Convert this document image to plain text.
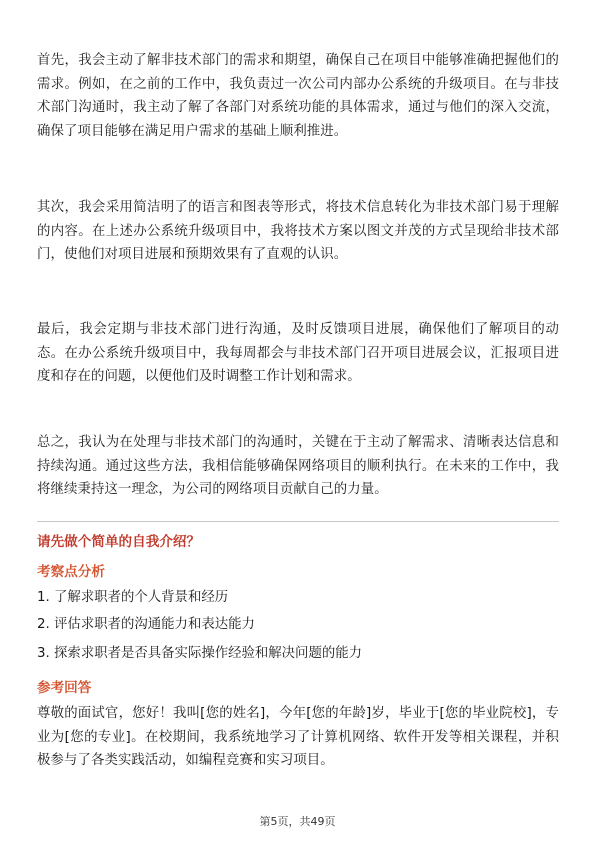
首先，我会主动了解非技术部门的需求和期望，确保自己在项目中能够准确把握他们的需求。例如，在之前的工作中，我负责过一次公司内部办公系统的升级项目。在与非技术部门沟通时，我主动了解了各部门对系统功能的具体需求，通过与他们的深入交流，确保了项目能够在满足用户需求的基础上顺利推进。

其次，我会采用简洁明了的语言和图表等形式，将技术信息转化为非技术部门易于理解的内容。在上述办公系统升级项目中，我将技术方案以图文并茂的方式呈现给非技术部门，使他们对项目进展和预期效果有了直观的认识。

最后，我会定期与非技术部门进行沟通，及时反馈项目进展，确保他们了解项目的动态。在办公系统升级项目中，我每周都会与非技术部门召开项目进展会议，汇报项目进度和存在的问题，以便他们及时调整工作计划和需求。

总之，我认为在处理与非技术部门的沟通时，关键在于主动了解需求、清晰表达信息和持续沟通。通过这些方法，我相信能够确保网络项目的顺利执行。在未来的工作中，我将继续秉持这一理念，为公司的网络项目贡献自己的力量。

请先做个简单的自我介绍？

考察点分析

1. 了解求职者的个人背景和经历

2. 评估求职者的沟通能力和表达能力

3. 探索求职者是否具备实际操作经验和解决问题的能力

参考回答

尊敬的面试官，您好！我叫[您的姓名]，今年[您的年龄]岁，毕业于[您的毕业院校]，专业为[您的专业]。在校期间，我系统地学习了计算机网络、软件开发等相关课程，并积极参与了各类实践活动，如编程竞赛和实习项目。

第5页，共49页
